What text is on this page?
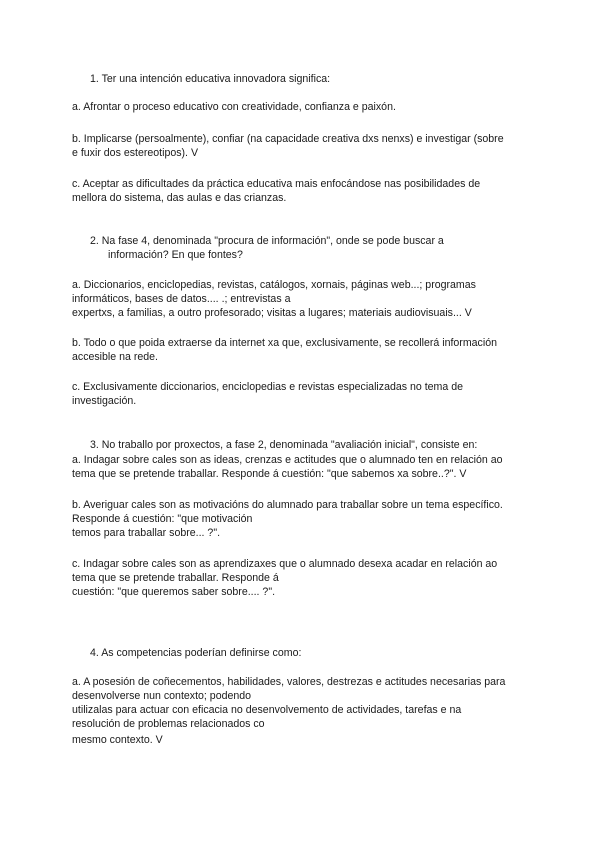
1. Ter una intención educativa innovadora significa:
a. Afrontar o proceso educativo con creatividade, confianza e paixón.
b. Implicarse (persoalmente), confiar (na capacidade creativa dxs nenxs) e investigar (sobre
e fuxir dos estereotipos). V
c. Aceptar as dificultades da práctica educativa mais enfocándose nas posibilidades de
mellora do sistema, das aulas e das crianzas.
2. Na fase 4, denominada "procura de información", onde se pode buscar a
información? En que fontes?
a. Diccionarios, enciclopedias, revistas, catálogos, xornais, páginas web...; programas
informáticos, bases de datos.... .; entrevistas a
expertxs, a familias, a outro profesorado; visitas a lugares; materiais audiovisuais... V
b. Todo o que poida extraerse da internet xa que, exclusivamente, se recollerá información
accesible na rede.
c. Exclusivamente diccionarios, enciclopedias e revistas especializadas no tema de
investigación.
3. No traballo por proxectos, a fase 2, denominada "avaliación inicial", consiste en:
a. Indagar sobre cales son as ideas, crenzas e actitudes que o alumnado ten en relación ao
tema que se pretende traballar. Responde á cuestión: "que sabemos xa sobre..?". V
b. Averiguar cales son as motivacións do alumnado para traballar sobre un tema específico.
Responde á cuestión: "que motivación
temos para traballar sobre... ?".
c. Indagar sobre cales son as aprendizaxes que o alumnado desexa acadar en relación ao
tema que se pretende traballar. Responde á
cuestión: "que queremos saber sobre.... ?".
4. As competencias poderían definirse como:
a. A posesión de coñecementos, habilidades, valores, destrezas e actitudes necesarias para
desenvolverse nun contexto; podendo
utilizalas para actuar con eficacia no desenvolvemento de actividades, tarefas e na
resolución de problemas relacionados co
mesmo contexto. V
